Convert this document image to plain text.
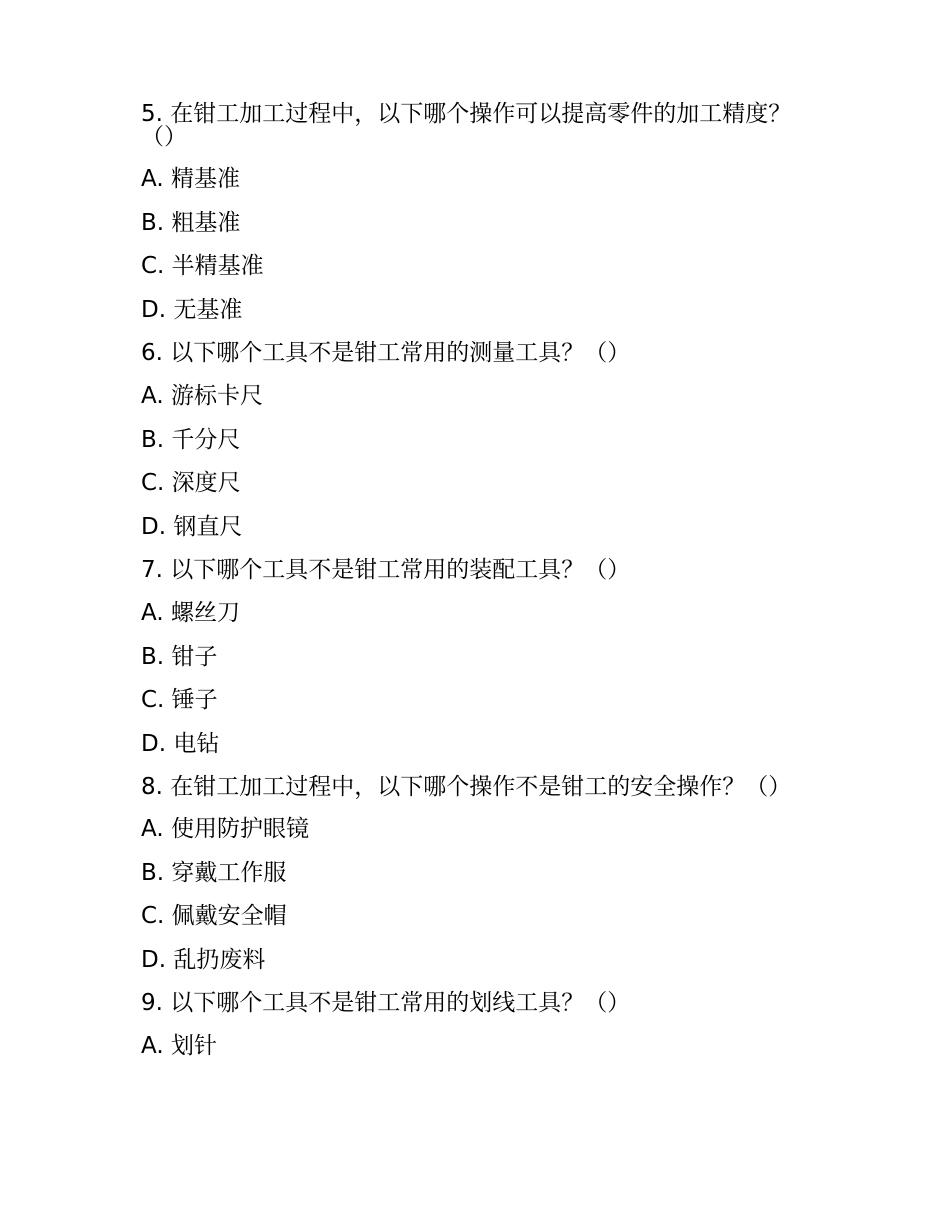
5. 在钳工加工过程中，以下哪个操作可以提高零件的加工精度？（）
A. 精基准
B. 粗基准
C. 半精基准
D. 无基准
6. 以下哪个工具不是钳工常用的测量工具？（）
A. 游标卡尺
B. 千分尺
C. 深度尺
D. 钢直尺
7. 以下哪个工具不是钳工常用的装配工具？（）
A. 螺丝刀
B. 钳子
C. 锤子
D. 电钻
8. 在钳工加工过程中，以下哪个操作不是钳工的安全操作？（）
A. 使用防护眼镜
B. 穿戴工作服
C. 佩戴安全帽
D. 乱扔废料
9. 以下哪个工具不是钳工常用的划线工具？（）
A. 划针
